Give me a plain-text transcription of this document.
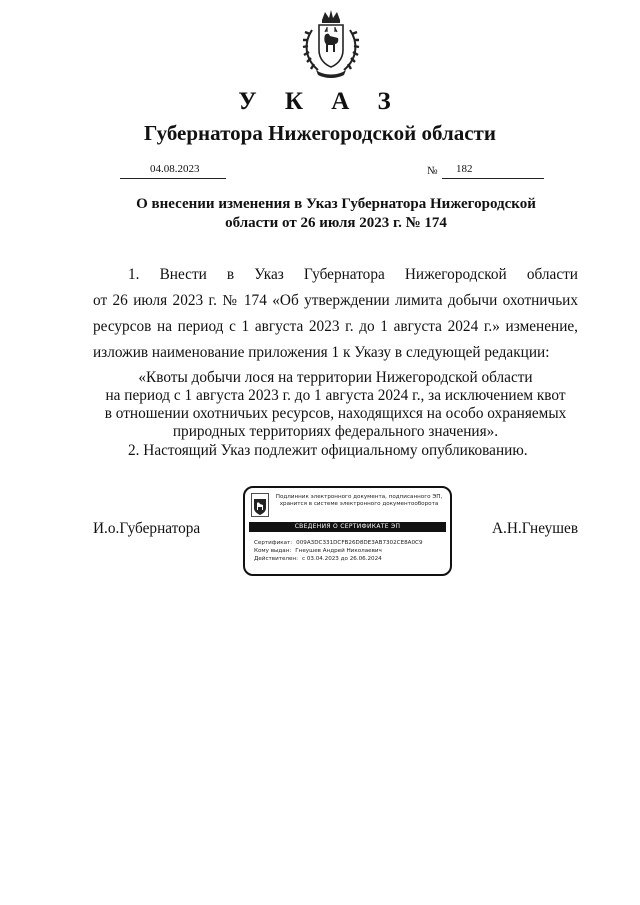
У К А З
Губернатора Нижегородской области
04.08.2023	№ 182
О внесении изменения в Указ Губернатора Нижегородской
области от 26 июля 2023 г. № 174
1. Внести в Указ Губернатора Нижегородской области
от 26 июля 2023 г. № 174 «Об утверждении лимита добычи охотничьих
ресурсов на период с 1 августа 2023 г. до 1 августа 2024 г.» изменение,
изложив наименование приложения 1 к Указу в следующей редакции:
«Квоты добычи лося на территории Нижегородской области
на период с 1 августа 2023 г. до 1 августа 2024 г., за исключением квот
в отношении охотничьих ресурсов, находящихся на особо охраняемых
природных территориях федерального значения».
2. Настоящий Указ подлежит официальному опубликованию.
И.о.Губернатора	А.Н.Гнеушев
Подлинник электронного документа, подписанного ЭП,
хранится в системе электронного документооборота
СВЕДЕНИЯ О СЕРТИФИКАТЕ ЭП
Сертификат: 009A3DC331DCFB26D8DE3AB7302CE8A0C9
Кому выдан: Гнеушев Андрей Николаевич
Действителен: с 03.04.2023 до 26.06.2024
